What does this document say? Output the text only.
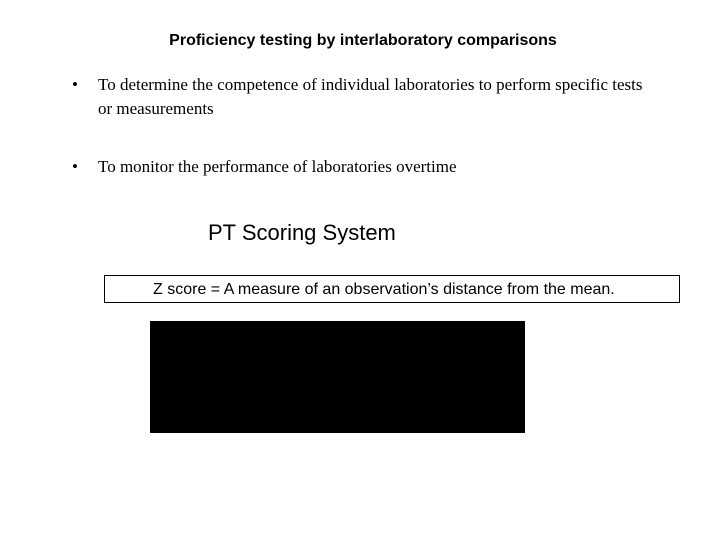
Proficiency testing by interlaboratory comparisons
• To determine the competence of individual laboratories to perform specific tests or measurements
• To monitor the performance of laboratories overtime
PT Scoring System
Z score = A measure of an observation’s distance from the mean.
